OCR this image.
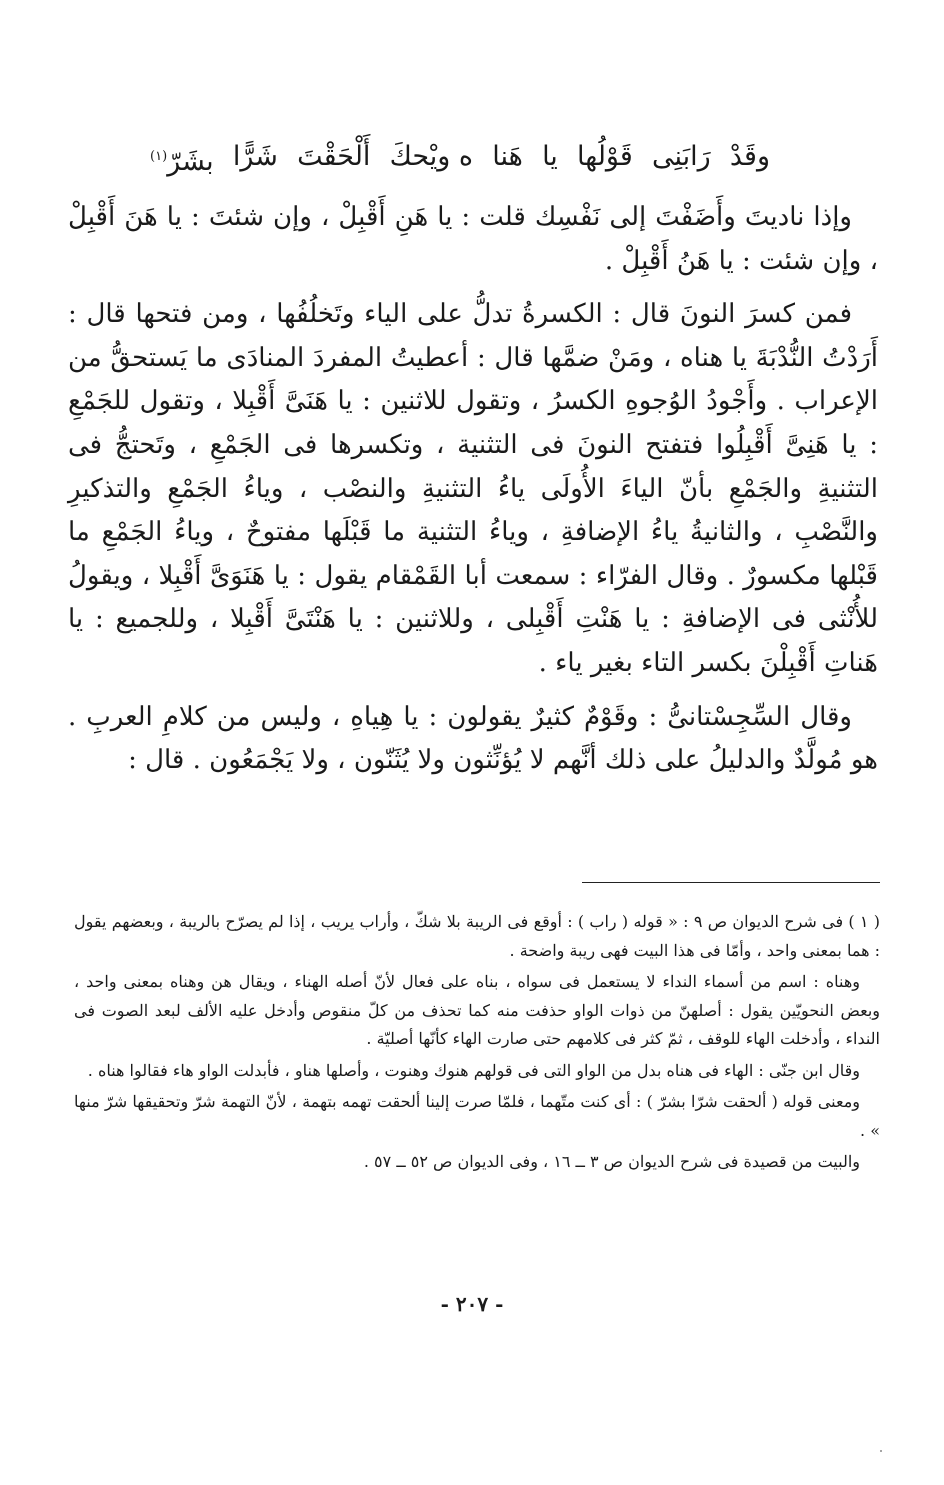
وقَدْ
رَابَنِى
قَوْلُها
يا
هَنا
ه ويْحكَ
أَلْحَقْتَ
شَرًّا
بشَرّ$^{(١)}$

وإذا ناديتَ وأَضَفْتَ إلى نَفْسِك قلت : يا هَنِ أَقْبِلْ ، وإن شئتَ : يا هَنَ أَقْبِلْ ، وإن شئت : يا هَنُ أَقْبِلْ .

فمن كسرَ النونَ قال : الكسرةُ تدلُّ على الياء وتَخلُفُها ، ومن فتحها قال : أَرَدْتُ النُّدْبَةَ يا هناه ، ومَنْ ضمَّها قال : أعطيتُ المفردَ المنادَى ما يَستحقُّ من الإعراب . وأَجْودُ الوُجوهِ الكسرُ ، وتقول للاثنين : يا هَنَىَّ أَقْبِلا ، وتقول للجَمْعِ : يا هَنِىَّ أَقْبِلُوا فتفتح النونَ فى التثنية ، وتكسرها فى الجَمْعِ ، وتَحتجُّ فى التثنيةِ والجَمْعِ بأنّ الياءَ الأُولَى ياءُ التثنيةِ والنصْب ، وياءُ الجَمْعِ والتذكيرِ والنَّصْبِ ، والثانيةُ ياءُ الإضافةِ ، وياءُ التثنية ما قَبْلَها مفتوحٌ ، وياءُ الجَمْعِ ما قَبْلها مكسورٌ . وقال الفرّاء : سمعت أبا القَمْقام يقول : يا هَنَوَىَّ أَقْبِلا ، ويقولُ للأُنْثى فى الإضافةِ : يا هَنْتِ أَقْبِلى ، وللاثنين : يا هَنْتَىَّ أَقْبِلا ، وللجميع : يا هَناتِ أَقْبِلْنَ بكسر التاء بغير ياء .

وقال السِّجِسْتانىُّ : وقَوْمٌ كثيرٌ يقولون : يا هِياهِ ، وليس من كلامِ العربِ . هو مُولَّدٌ والدليلُ على ذلك أنَّهم لا يُؤنِّثون ولا يُثَنّون ، ولا يَجْمَعُون . قال :

( ١ ) فى شرح الديوان ص ٩ : « قوله ( راب ) : أوقع فى الريبة بلا شكّ ، وأراب يريب ، إذا لم يصرّح بالريبة ، وبعضهم يقول : هما بمعنى واحد ، وأمّا فى هذا البيت فهى ريبة واضحة .

وهناه : اسم من أسماء النداء لا يستعمل فى سواه ، بناه على فعال لأنّ أصله الهناء ، ويقال هن وهناه بمعنى واحد ، وبعض النحويّين يقول : أصلهنّ من ذوات الواو حذفت منه كما تحذف من كلّ منقوص وأدخل عليه الألف لبعد الصوت فى النداء ، وأدخلت الهاء للوقف ، ثمّ كثر فى كلامهم حتى صارت الهاء كأنّها أصليّة .

وقال ابن جنّى : الهاء فى هناه بدل من الواو التى فى قولهم هنوك وهنوت ، وأصلها هناو ، فأبدلت الواو هاء فقالوا هناه .

ومعنى قوله ( ألحقت شرّا بشرّ ) : أى كنت متّهما ، فلمّا صرت إلينا ألحقت تهمه بتهمة ، لأنّ التهمة شرّ وتحقيقها شرّ منها » .

والبيت من قصيدة فى شرح الديوان ص ٣ ــ ١٦ ، وفى الديوان ص ٥٢ ــ ٥٧ .

- ٢٠٧ -
